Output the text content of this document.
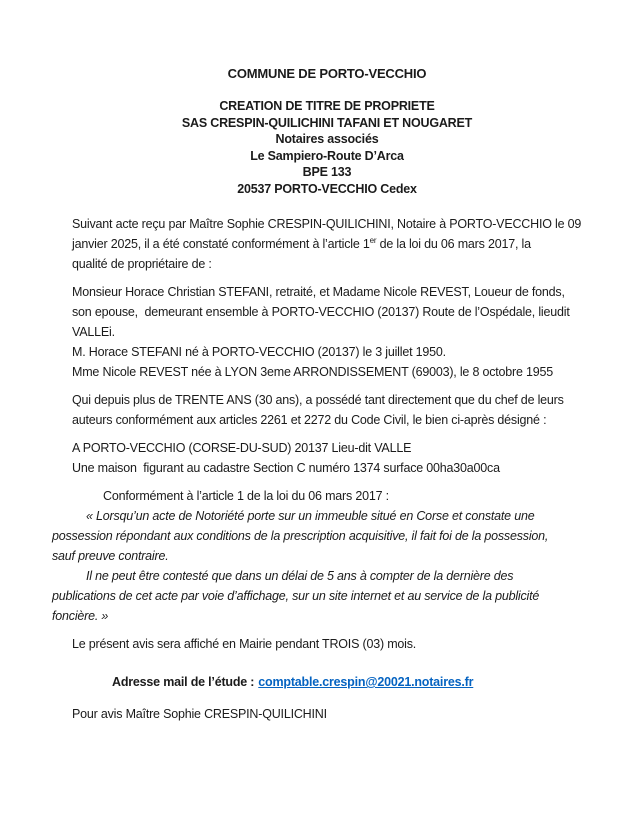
COMMUNE DE PORTO-VECCHIO
CREATION DE TITRE DE PROPRIETE
SAS CRESPIN-QUILICHINI TAFANI ET NOUGARET
Notaires associés
Le Sampiero-Route D’Arca
BPE 133
20537 PORTO-VECCHIO Cedex
Suivant acte reçu par Maître Sophie CRESPIN-QUILICHINI, Notaire à PORTO-VECCHIO le 09
janvier 2025, il a été constaté conformément à l’article 1er de la loi du 06 mars 2017, la
qualité de propriétaire de :
Monsieur Horace Christian STEFANI, retraité, et Madame Nicole REVEST, Loueur de fonds,
son epouse,  demeurant ensemble à PORTO-VECCHIO (20137) Route de l’Ospédale, lieudit
VALLEi.
M. Horace STEFANI né à PORTO-VECCHIO (20137) le 3 juillet 1950.
Mme Nicole REVEST née à LYON 3eme ARRONDISSEMENT (69003), le 8 octobre 1955
Qui depuis plus de TRENTE ANS (30 ans), a possédé tant directement que du chef de leurs
auteurs conformément aux articles 2261 et 2272 du Code Civil, le bien ci-après désigné :
A PORTO-VECCHIO (CORSE-DU-SUD) 20137 Lieu-dit VALLE
Une maison  figurant au cadastre Section C numéro 1374 surface 00ha30a00ca
Conformément à l’article 1 de la loi du 06 mars 2017 :
« Lorsqu’un acte de Notoriété porte sur un immeuble situé en Corse et constate une
possession répondant aux conditions de la prescription acquisitive, il fait foi de la possession,
sauf preuve contraire.
Il ne peut être contesté que dans un délai de 5 ans à compter de la dernière des
publications de cet acte par voie d’affichage, sur un site internet et au service de la publicité
foncière. »
Le présent avis sera affiché en Mairie pendant TROIS (03) mois.
Adresse mail de l’étude : comptable.crespin@20021.notaires.fr
Pour avis Maître Sophie CRESPIN-QUILICHINI
